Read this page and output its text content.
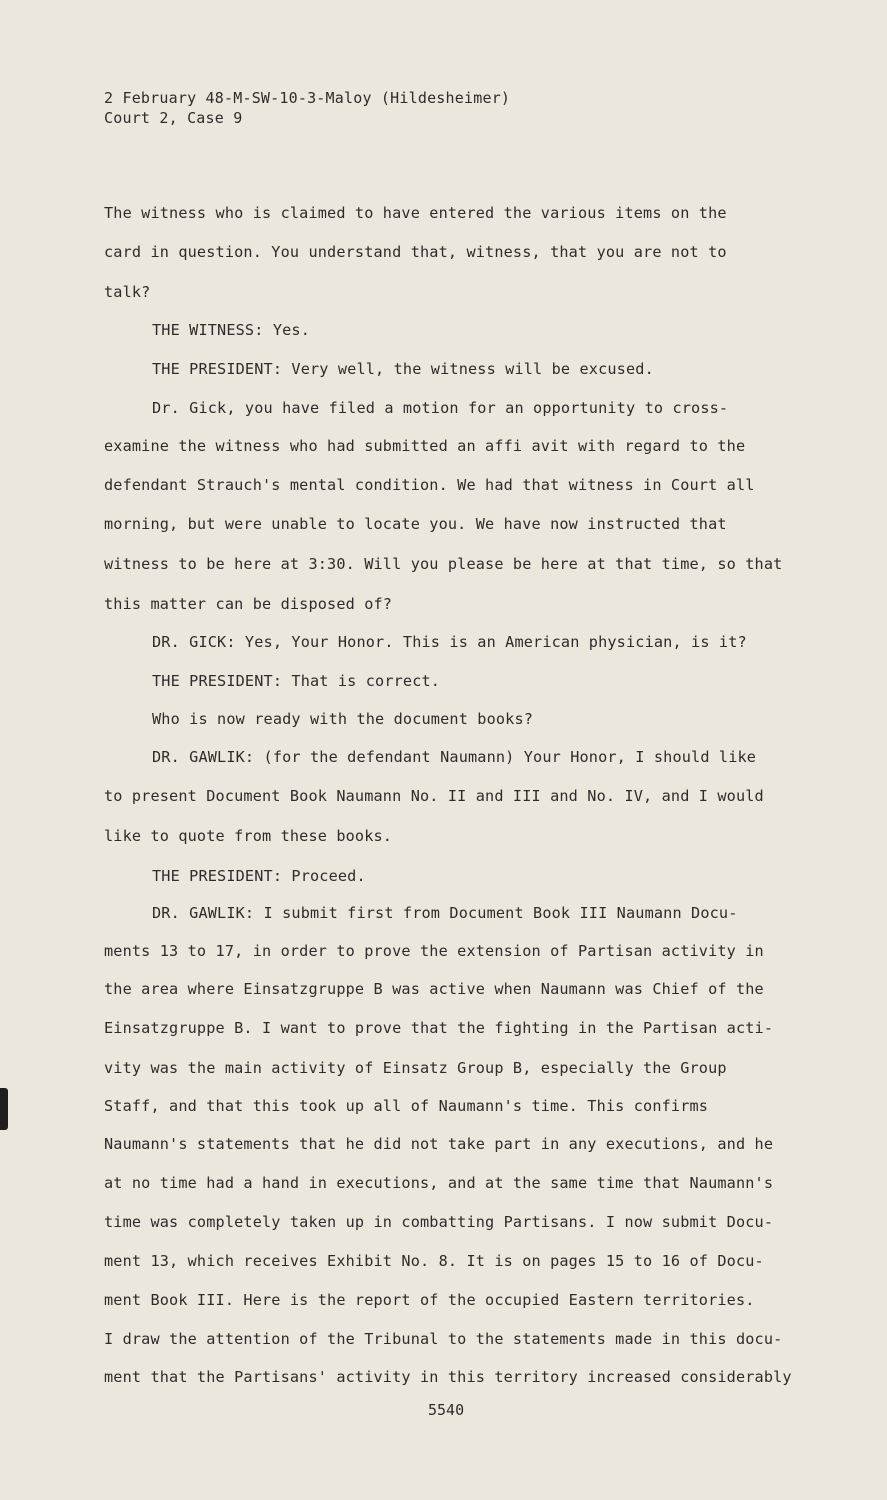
2 February 48-M-SW-10-3-Maloy (Hildesheimer)
Court 2, Case 9
The witness who is claimed to have entered the various items on the
card in question. You understand that, witness, that you are not to
talk?
THE WITNESS: Yes.
THE PRESIDENT: Very well, the witness will be excused.
Dr. Gick, you have filed a motion for an opportunity to cross-
examine the witness who had submitted an affi avit with regard to the
defendant Strauch's mental condition. We had that witness in Court all
morning, but were unable to locate you. We have now instructed that
witness to be here at 3:30. Will you please be here at that time, so that
this matter can be disposed of?
DR. GICK: Yes, Your Honor. This is an American physician, is it?
THE PRESIDENT: That is correct.
Who is now ready with the document books?
DR. GAWLIK: (for the defendant Naumann) Your Honor, I should like
to present Document Book Naumann No. II and III and No. IV, and I would
like to quote from these books.
THE PRESIDENT: Proceed.
DR. GAWLIK: I submit first from Document Book III Naumann Docu-
ments 13 to 17, in order to prove the extension of Partisan activity in
the area where Einsatzgruppe B was active when Naumann was Chief of the
Einsatzgruppe B. I want to prove that the fighting in the Partisan acti-
vity was the main activity of Einsatz Group B, especially the Group
Staff, and that this took up all of Naumann's time. This confirms
Naumann's statements that he did not take part in any executions, and he
at no time had a hand in executions, and at the same time that Naumann's
time was completely taken up in combatting Partisans. I now submit Docu-
ment 13, which receives Exhibit No. 8. It is on pages 15 to 16 of Docu-
ment Book III. Here is the report of the occupied Eastern territories.
I draw the attention of the Tribunal to the statements made in this docu-
ment that the Partisans' activity in this territory increased considerably
5540
